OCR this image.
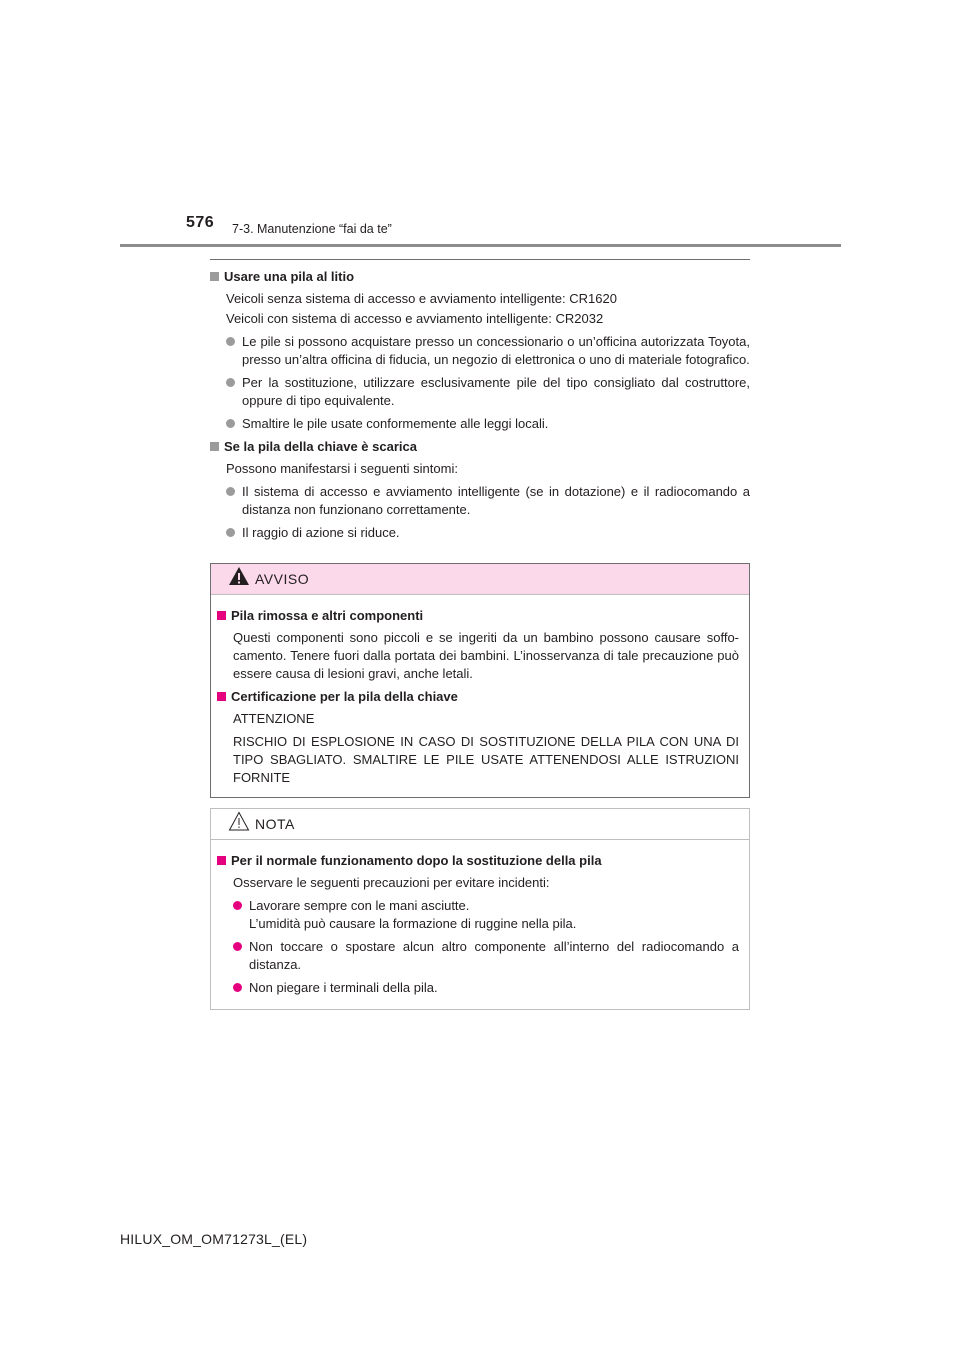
576 7-3. Manutenzione “fai da te”

Usare una pila al litio

Veicoli senza sistema di accesso e avviamento intelligente: CR1620

Veicoli con sistema di accesso e avviamento intelligente: CR2032

Le pile si possono acquistare presso un concessionario o un’officina autorizzata Toyota, presso un’altra officina di fiducia, un negozio di elettronica o uno di materiale fotografico.
Per la sostituzione, utilizzare esclusivamente pile del tipo consigliato dal costruttore, oppure di tipo equivalente.
Smaltire le pile usate conformemente alle leggi locali.

Se la pila della chiave è scarica

Possono manifestarsi i seguenti sintomi:

Il sistema di accesso e avviamento intelligente (se in dotazione) e il radiocomando a distanza non funzionano correttamente.
Il raggio di azione si riduce.
AVVISO

Pila rimossa e altri componenti

Questi componenti sono piccoli e se ingeriti da un bambino possono causare soffo- camento. Tenere fuori dalla portata dei bambini. L’inosservanza di tale precauzione può essere causa di lesioni gravi, anche letali.

Certificazione per la pila della chiave

ATTENZIONE

RISCHIO DI ESPLOSIONE IN CASO DI SOSTITUZIONE DELLA PILA CON UNA DI TIPO SBAGLIATO. SMALTIRE LE PILE USATE ATTENENDOSI ALLE ISTRUZIONI FORNITE

NOTA

Per il normale funzionamento dopo la sostituzione della pila

Osservare le seguenti precauzioni per evitare incidenti:

Lavorare sempre con le mani asciutte.
L’umidità può causare la formazione di ruggine nella pila.
Non toccare o spostare alcun altro componente all’interno del radiocomando a distanza.
Non piegare i terminali della pila.
HILUX_OM_OM71273L_(EL)
